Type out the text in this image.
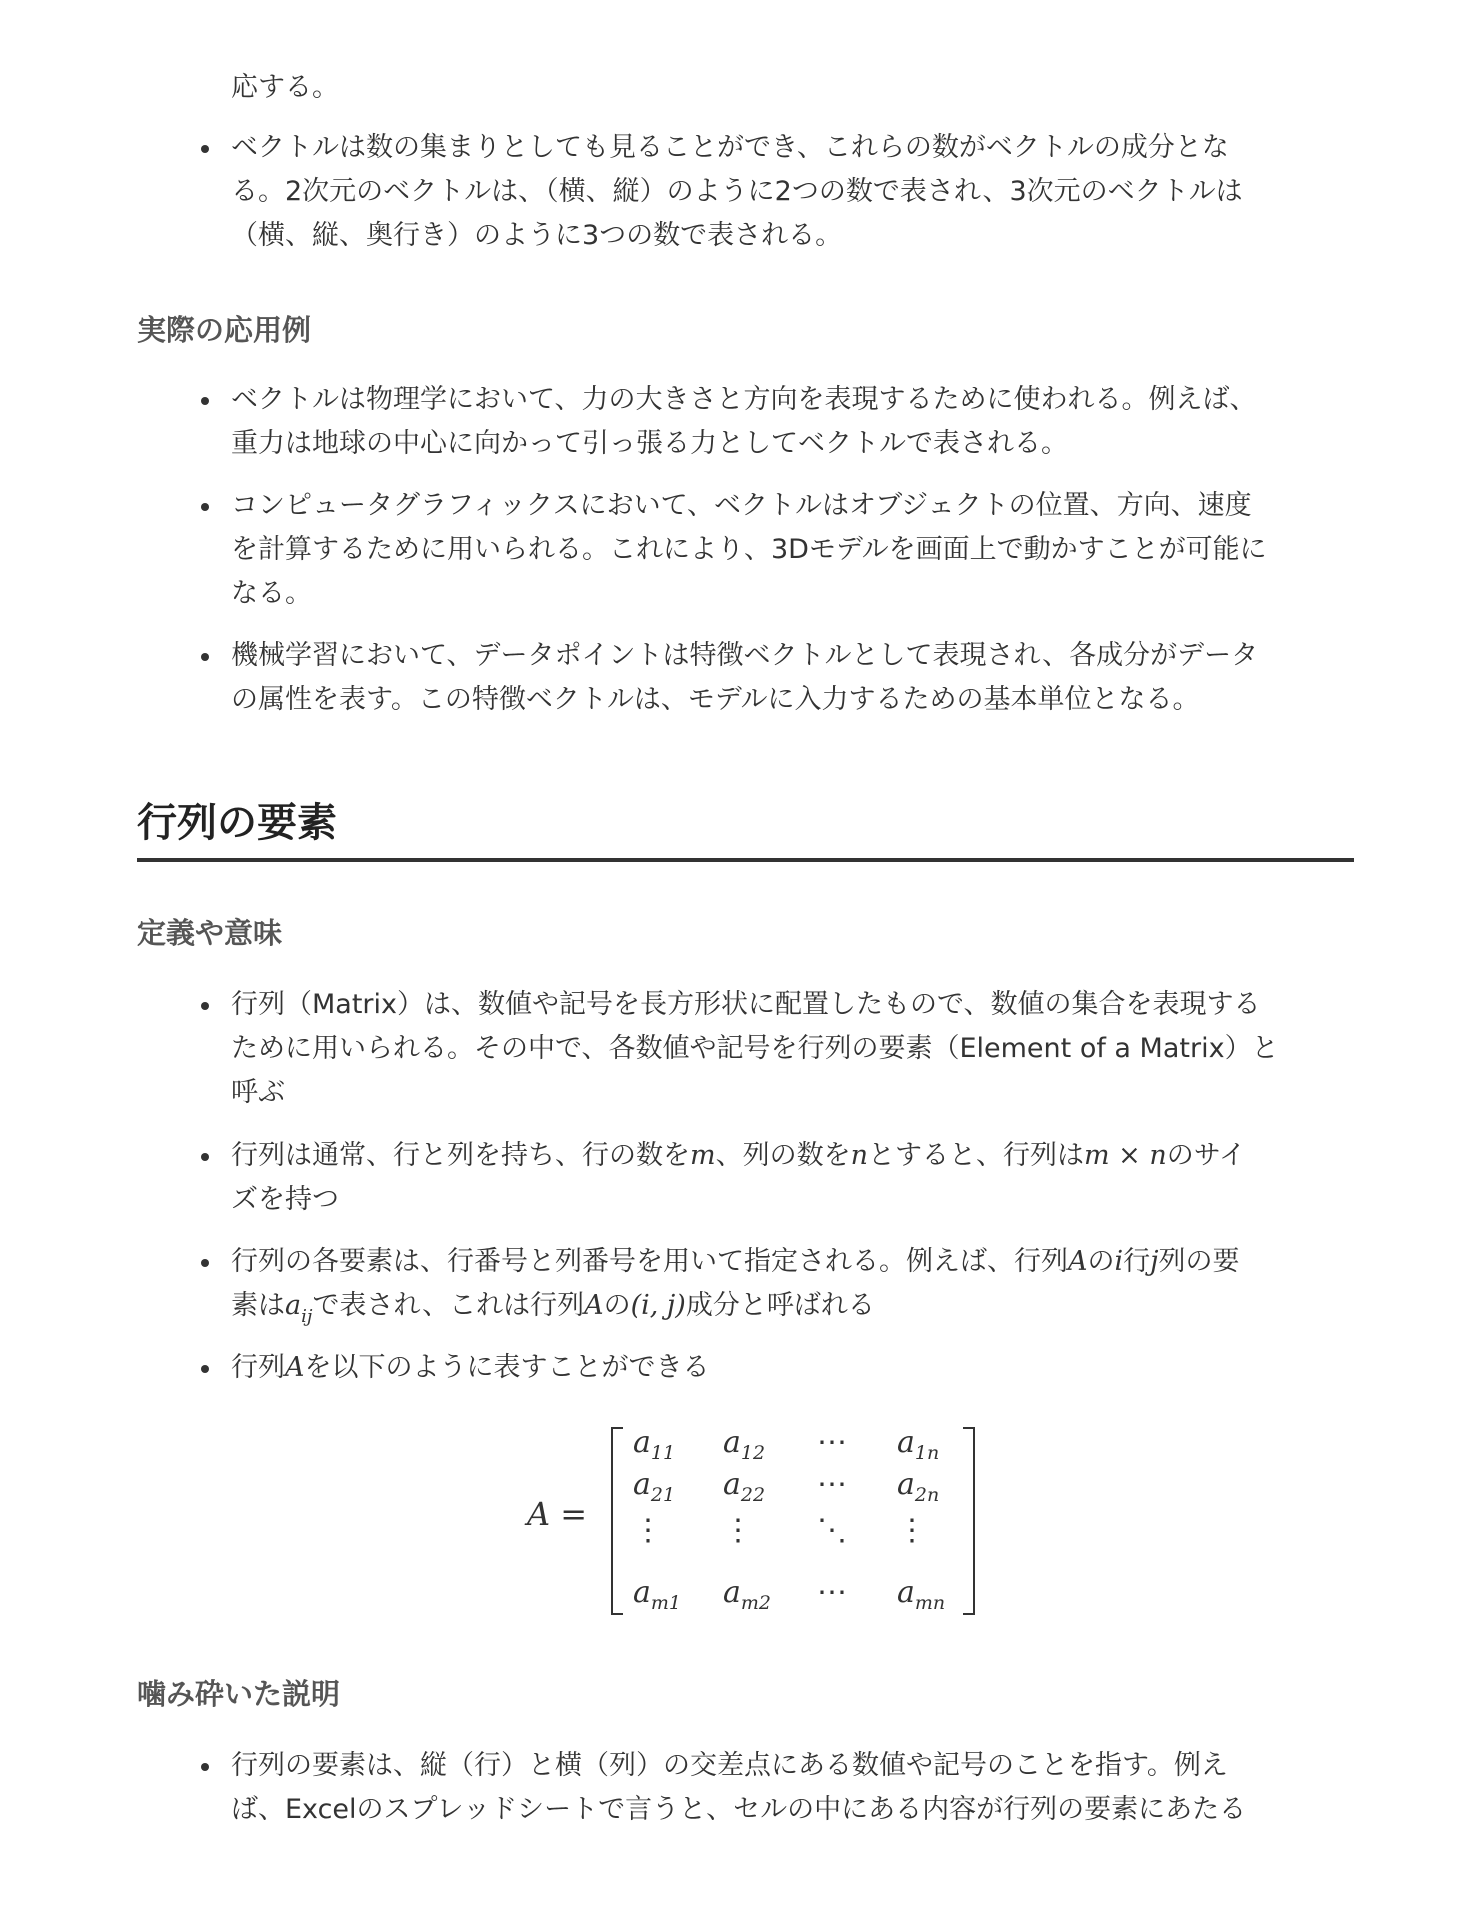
応する。
ベクトルは数の集まりとしても見ることができ、これらの数がベクトルの成分とな
る。2次元のベクトルは、（横、縦）のように2つの数で表され、3次元のベクトルは
（横、縦、奥行き）のように3つの数で表される。
実際の応用例
ベクトルは物理学において、力の大きさと方向を表現するために使われる。例えば、
重力は地球の中心に向かって引っ張る力としてベクトルで表される。
コンピュータグラフィックスにおいて、ベクトルはオブジェクトの位置、方向、速度
を計算するために用いられる。これにより、3Dモデルを画面上で動かすことが可能に
なる。
機械学習において、データポイントは特徴ベクトルとして表現され、各成分がデータ
の属性を表す。この特徴ベクトルは、モデルに入力するための基本単位となる。
行列の要素
定義や意味
行列（Matrix）は、数値や記号を長方形状に配置したもので、数値の集合を表現する
ために用いられる。その中で、各数値や記号を行列の要素（Element of a Matrix）と
呼ぶ
行列は通常、行と列を持ち、行の数をm、列の数をnとすると、行列はm × nのサイ
ズを持つ
行列の各要素は、行番号と列番号を用いて指定される。例えば、行列Aのi行j列の要
素は$a_{ij}$で表され、これは行列Aの(i, j)成分と呼ばれる
行列Aを以下のように表すことができる
A =
$a_{11}$ $a_{12}$ ⋯ $a_{1n}$
$a_{21}$ $a_{22}$ ⋯ $a_{2n}$
⋮ ⋮ ⋱ ⋮
$a_{m1}$ $a_{m2}$ ⋯ $a_{mn}$
噛み砕いた説明
行列の要素は、縦（行）と横（列）の交差点にある数値や記号のことを指す。例え
ば、Excelのスプレッドシートで言うと、セルの中にある内容が行列の要素にあたる
